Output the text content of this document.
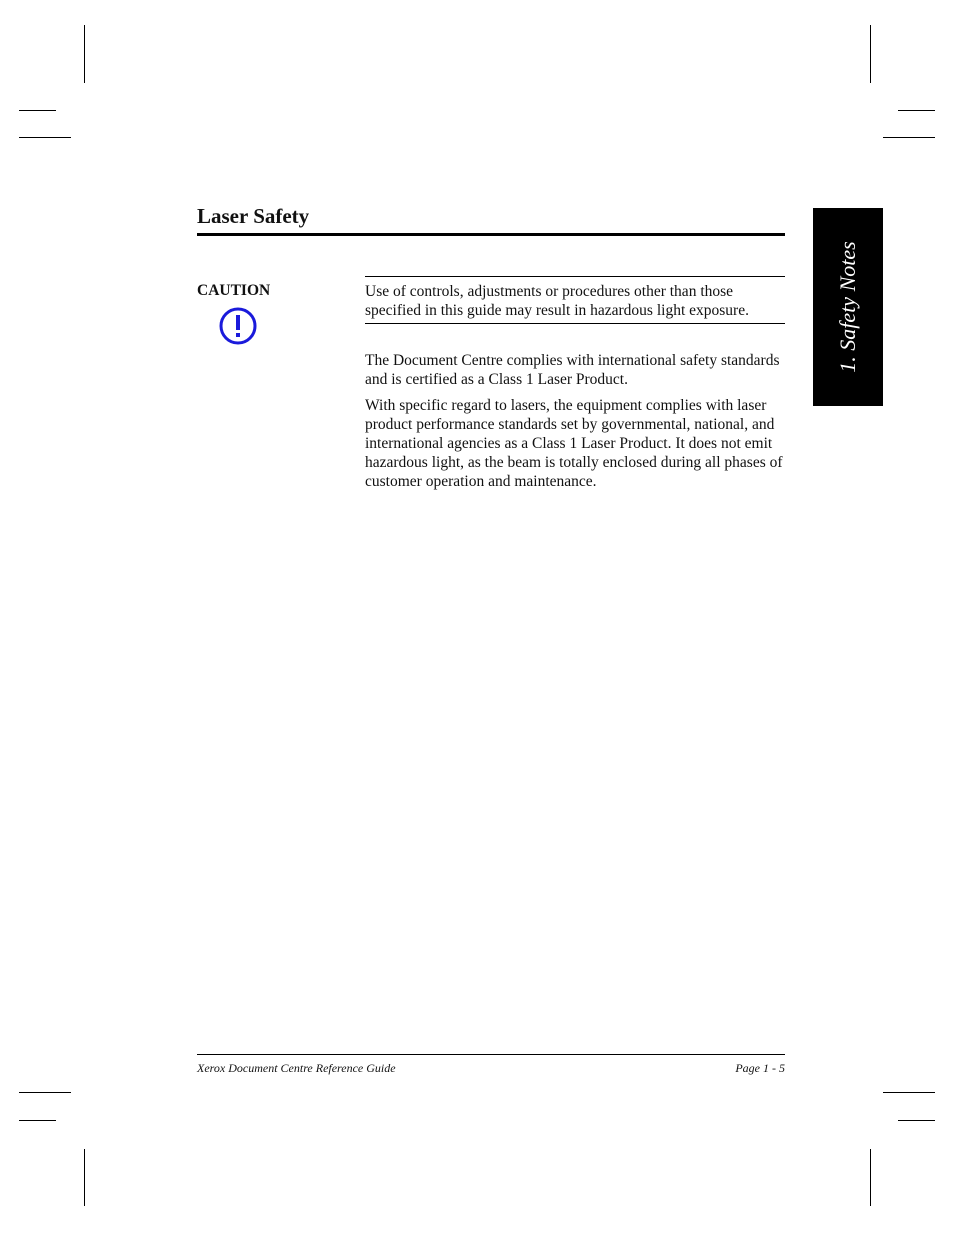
Laser Safety
CAUTION	Use of controls, adjustments or procedures other than those specified in this guide may result in hazardous light exposure.

The Document Centre complies with international safety standards and is certified as a Class 1 Laser Product.

With specific regard to lasers, the equipment complies with laser product performance standards set by governmental, national, and international agencies as a Class 1 Laser Product. It does not emit hazardous light, as the beam is totally enclosed during all phases of customer operation and maintenance.

1. Safety Notes
Xerox Document Centre Reference Guide	Page 1 - 5
